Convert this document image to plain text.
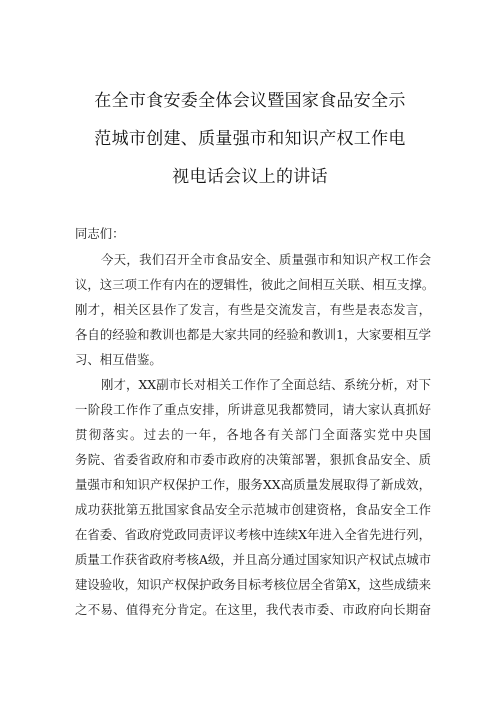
在全市食安委全体会议暨国家食品安全示
范城市创建、质量强市和知识产权工作电
视电话会议上的讲话
同志们：
今天，我们召开全市食品安全、质量强市和知识产权工作会
议，这三项工作有内在的逻辑性，彼此之间相互关联、相互支撑。
刚才，相关区县作了发言，有些是交流发言，有些是表态发言，
各自的经验和教训也都是大家共同的经验和教训1，大家要相互学
习、相互借鉴。
刚才，XX副市长对相关工作作了全面总结、系统分析，对下
一阶段工作作了重点安排，所讲意见我都赞同，请大家认真抓好
贯彻落实。过去的一年，各地各有关部门全面落实党中央国
务院、省委省政府和市委市政府的决策部署，狠抓食品安全、质
量强市和知识产权保护工作，服务XX高质量发展取得了新成效，
成功获批第五批国家食品安全示范城市创建资格，食品安全工作
在省委、省政府党政同责评议考核中连续X年进入全省先进行列，
质量工作获省政府考核A级，并且高分通过国家知识产权试点城市
建设验收，知识产权保护政务目标考核位居全省第X，这些成绩来
之不易、值得充分肯定。在这里，我代表市委、市政府向长期奋
